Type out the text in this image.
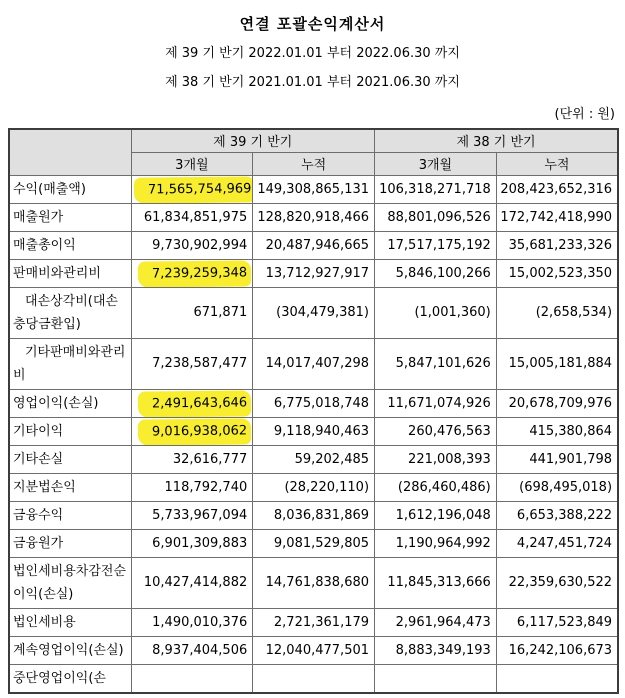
연결 포괄손익계산서
제 39 기 반기 2022.01.01 부터 2022.06.30 까지
제 38 기 반기 2021.01.01 부터 2021.06.30 까지
(단위 : 원)
	제 39 기 반기		제 38 기 반기	
	3개월	누적	3개월	누적
수익(매출액)	71,565,754,969	149,308,865,131	106,318,271,718	208,423,652,316
매출원가	61,834,851,975	128,820,918,466	88,801,096,526	172,742,418,990
매출총이익	9,730,902,994	20,487,946,665	17,517,175,192	35,681,233,326
판매비와관리비	7,239,259,348	13,712,927,917	5,846,100,266	15,002,523,350
대손상각비(대손충당금환입)	671,871	(304,479,381)	(1,001,360)	(2,658,534)
기타판매비와관리비	7,238,587,477	14,017,407,298	5,847,101,626	15,005,181,884
영업이익(손실)	2,491,643,646	6,775,018,748	11,671,074,926	20,678,709,976
기타이익	9,016,938,062	9,118,940,463	260,476,563	415,380,864
기타손실	32,616,777	59,202,485	221,008,393	441,901,798
지분법손익	118,792,740	(28,220,110)	(286,460,486)	(698,495,018)
금융수익	5,733,967,094	8,036,831,869	1,612,196,048	6,653,388,222
금융원가	6,901,309,883	9,081,529,805	1,190,964,992	4,247,451,724
법인세비용차감전순이익(손실)	10,427,414,882	14,761,838,680	11,845,313,666	22,359,630,522
법인세비용	1,490,010,376	2,721,361,179	2,961,964,473	6,117,523,849
계속영업이익(손실)	8,937,404,506	12,040,477,501	8,883,349,193	16,242,106,673
중단영업이익(손				
